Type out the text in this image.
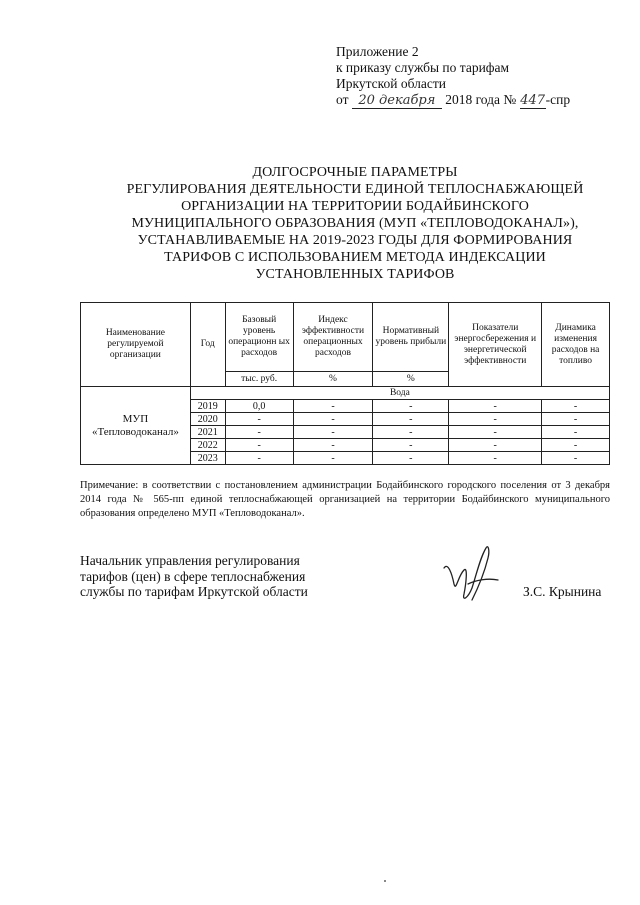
Приложение 2
к приказу службы по тарифам
Иркутской области
от 20 декабря 2018 года № 447-спр
ДОЛГОСРОЧНЫЕ ПАРАМЕТРЫ
РЕГУЛИРОВАНИЯ ДЕЯТЕЛЬНОСТИ ЕДИНОЙ ТЕПЛОСНАБЖАЮЩЕЙ
ОРГАНИЗАЦИИ НА ТЕРРИТОРИИ БОДАЙБИНСКОГО
МУНИЦИПАЛЬНОГО ОБРАЗОВАНИЯ (МУП «ТЕПЛОВОДОКАНАЛ»),
УСТАНАВЛИВАЕМЫЕ НА 2019-2023 ГОДЫ ДЛЯ ФОРМИРОВАНИЯ
ТАРИФОВ С ИСПОЛЬЗОВАНИЕМ МЕТОДА ИНДЕКСАЦИИ
УСТАНОВЛЕННЫХ ТАРИФОВ
Наименование регулируемой организации	Год	Базовый уровень операционн ых расходов	Индекс эффективности операционных расходов	Нормативный уровень прибыли	Показатели энергосбережения и энергетической эффективности	Динамика изменения расходов на топливо
		тыс. руб.	%	%		
МУП «Тепловодоканал»	Вода					
	2019	0,0	-	-	-	-
	2020	-	-	-	-	-
	2021	-	-	-	-	-
	2022	-	-	-	-	-
	2023	-	-	-	-	-
Примечание: в соответствии с постановлением администрации Бодайбинского городского поселения от 3 декабря 2014 года № 565-пп единой теплоснабжающей организацией на территории Бодайбинского муниципального образования определено МУП «Тепловодоканал».
Начальник управления регулирования
тарифов (цен) в сфере теплоснабжения
службы по тарифам Иркутской области	З.С. Крынина
